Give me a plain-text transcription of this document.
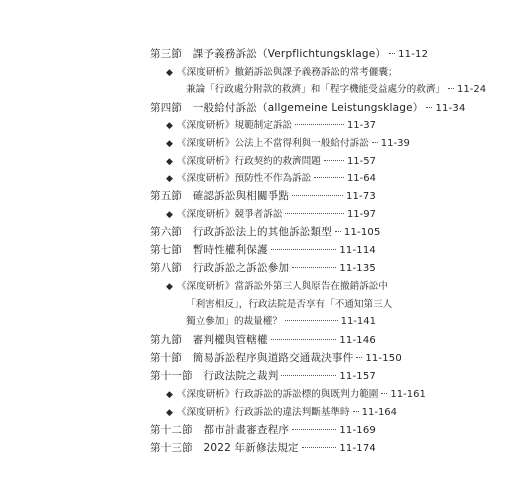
第三節　課予義務訴訟（Verpflichtungsklage） 11-12
◆ 《深度研析》撤銷訴訟與課予義務訴訟的常考儷囊；
兼論「行政處分附款的救濟」和「程字機能受益處分的救濟」 11-24
第四節　一般給付訴訟（allgemeine Leistungsklage） 11-34
◆ 《深度研析》規範制定訴訟	11-37
◆ 《深度研析》公法上不當得利與一般給付訴訟 11-39
◆ 《深度研析》行政契約的救濟問題	11-57
◆ 《深度研析》預防性不作為訴訟	11-64
第五節　確認訴訟與相關爭點	11-73
◆ 《深度研析》競爭者訴訟	11-97
第六節　行政訴訟法上的其他訴訟類型 11-105
第七節　暫時性權利保護	11-114
第八節　行政訴訟之訴訟參加	11-135
◆ 《深度研析》當訴訟外第三人與原告在撤銷訴訟中
「利害相反」，行政法院是否享有「不通知第三人
獨立參加」的裁量權？	11-141
第九節　審判權與管轄權	11-146
第十節　簡易訴訟程序與道路交通裁決事件 11-150
第十一節　行政法院之裁判	11-157
◆ 《深度研析》行政訴訟的訴訟標的與既判力範圍 11-161
◆ 《深度研析》行政訴訟的違法判斷基準時 11-164
第十二節　都市計畫審查程序	11-169
第十三節　2022 年新修法規定	11-174
